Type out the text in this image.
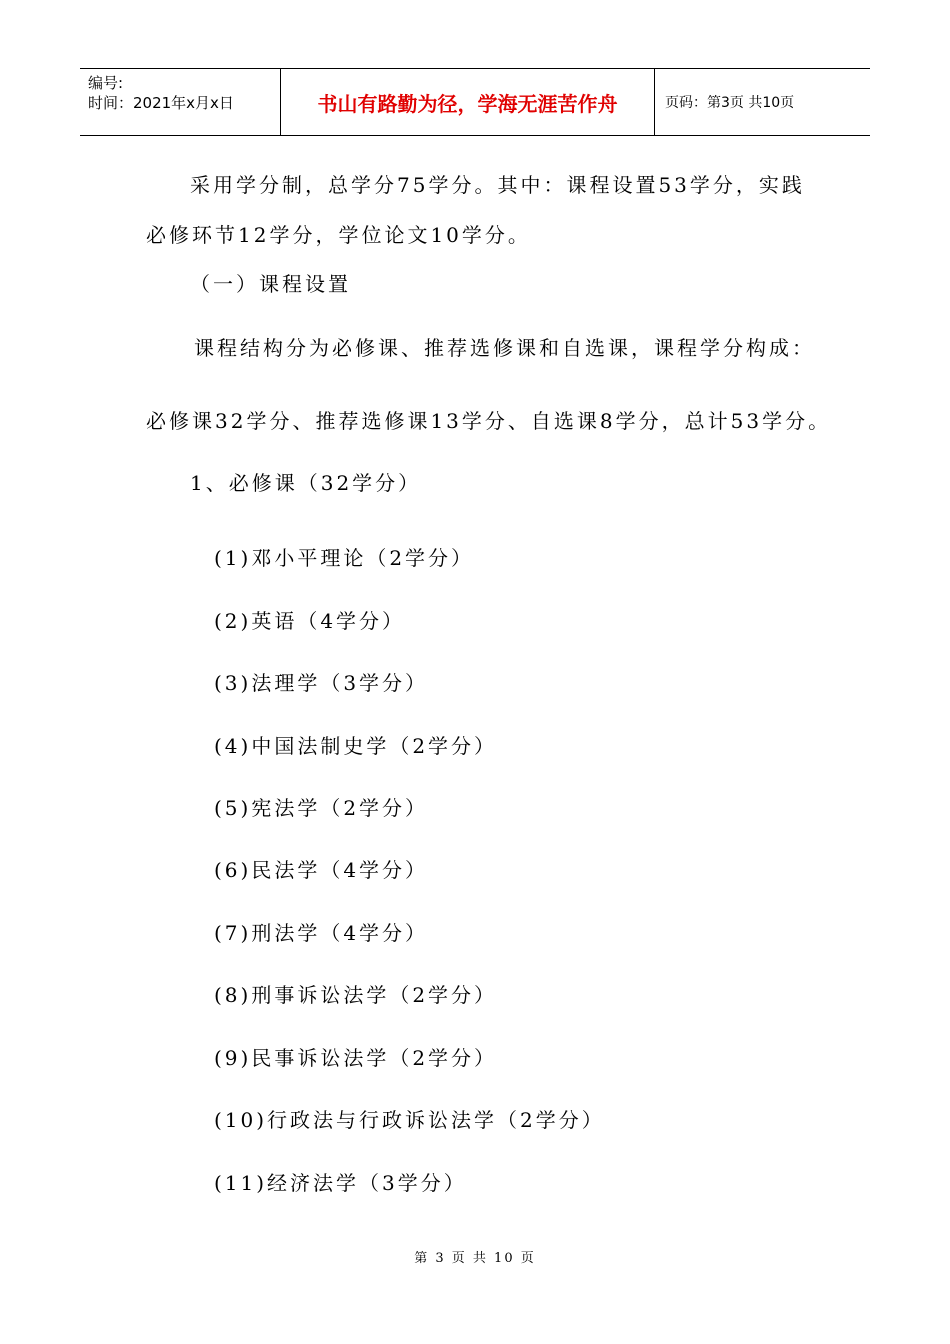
编号:
时间：2021年x月x日	书山有路勤为径，学海无涯苦作舟	页码：第3页 共10页
采用学分制，总学分75学分。其中：课程设置53学分，实践
必修环节12学分，学位论文10学分。
（一）课程设置
课程结构分为必修课、推荐选修课和自选课，课程学分构成：
必修课32学分、推荐选修课13学分、自选课8学分，总计53学分。
1、必修课（32学分）
(1)邓小平理论（2学分）
(2)英语（4学分）
(3)法理学（3学分）
(4)中国法制史学（2学分）
(5)宪法学（2学分）
(6)民法学（4学分）
(7)刑法学（4学分）
(8)刑事诉讼法学（2学分）
(9)民事诉讼法学（2学分）
(10)行政法与行政诉讼法学（2学分）
(11)经济法学（3学分）
第 3 页 共 10 页
